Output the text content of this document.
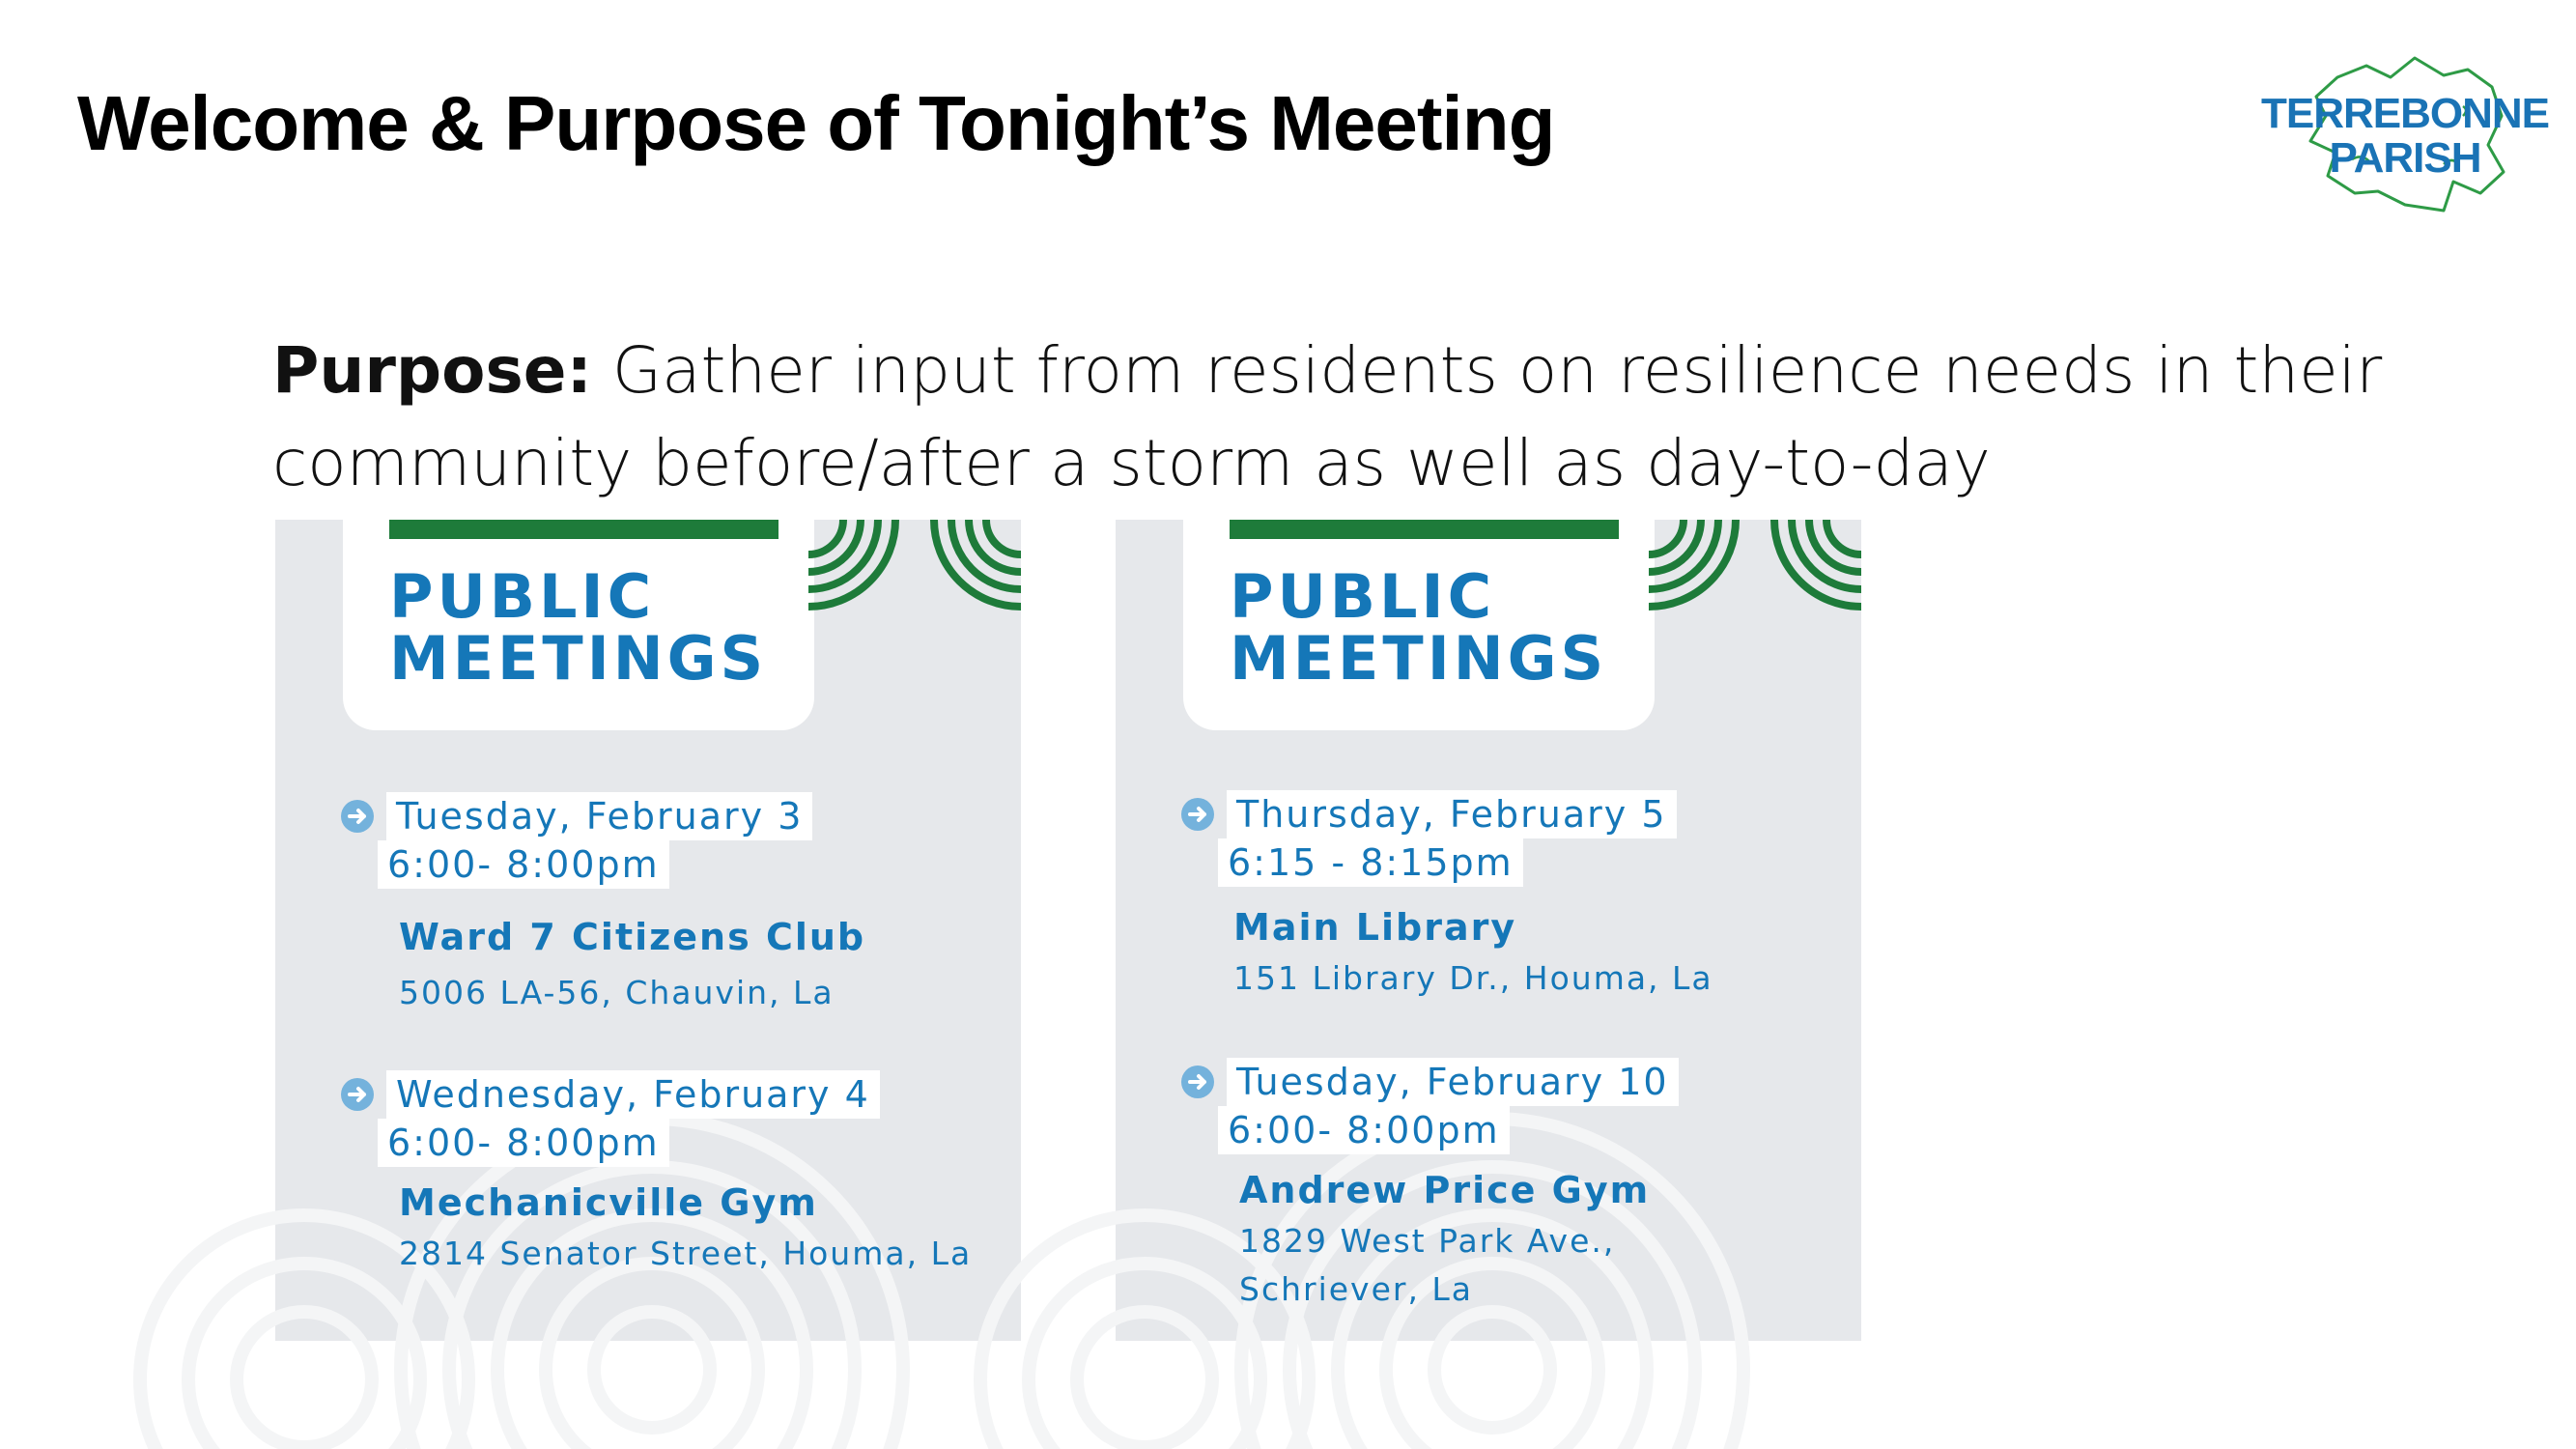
Welcome & Purpose of Tonight’s Meeting	TERREBONNE
PARISH

Purpose: Gather input from residents on resilience needs in their community before/after a storm as well as day-to-day

PUBLIC
MEETINGS
Tuesday, February 3
6:00- 8:00pm
Ward 7 Citizens Club
5006 LA-56, Chauvin, La
Wednesday, February 4
6:00- 8:00pm
Mechanicville Gym
2814 Senator Street, Houma, La
PUBLIC
MEETINGS
Thursday, February 5
6:15 - 8:15pm
Main Library
151 Library Dr., Houma, La
Tuesday, February 10
6:00- 8:00pm
Andrew Price Gym
1829 West Park Ave.,
Schriever, La
